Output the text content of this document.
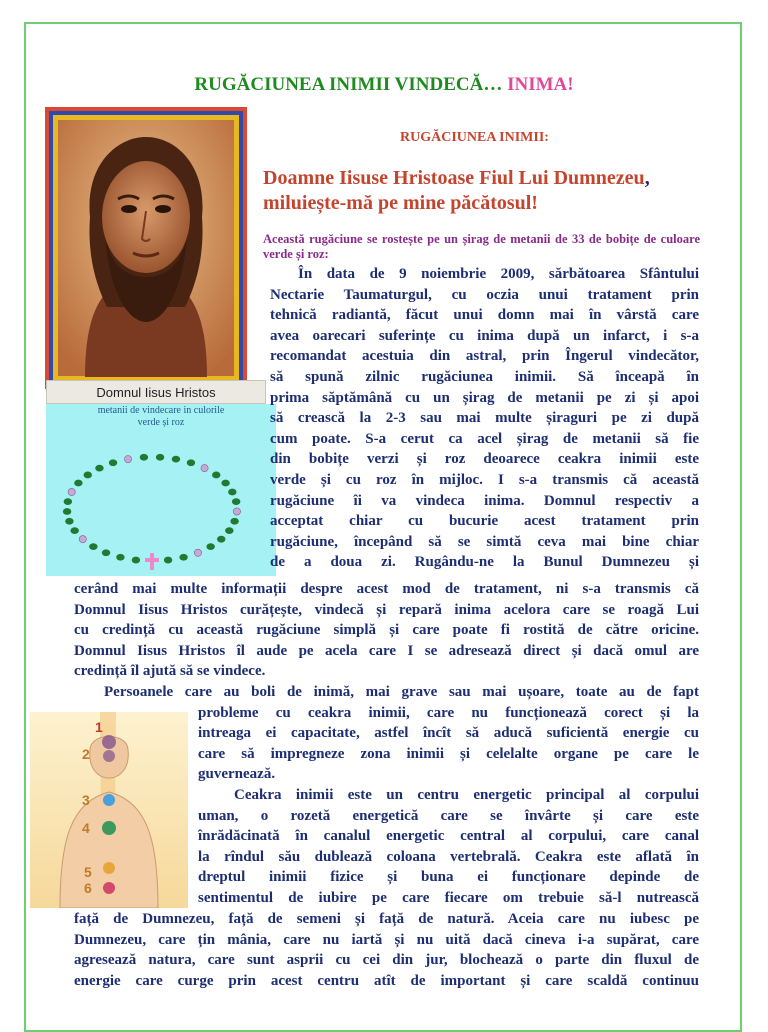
RUGĂCIUNEA INIMII VINDECĂ… INIMA!
Domnul Iisus Hristos
metanii de vindecare in culorile
verde și roz
RUGĂCIUNEA INIMII:
Doamne Iisuse Hristoase Fiul Lui Dumnezeu,
miluiește-mă pe mine păcătosul!
Această rugăciune se rostește pe un șirag de metanii de 33 de bobițe de culoare verde și roz:
În data de 9 noiembrie 2009, sărbătoarea Sfântului
Nectarie Taumaturgul, cu oczia unui tratament prin
tehnică radiantă, făcut unui domn mai în vârstă care
avea oarecari suferințe cu inima după un infarct, i s-a
recomandat acestuia din astral, prin Îngerul vindecător,
să spună zilnic rugăciunea inimii. Să înceapă în
prima săptămână cu un șirag de metanii pe zi și apoi
să crească la 2-3 sau mai multe șiraguri pe zi după
cum poate. S-a cerut ca acel șirag de metanii să fie
din bobițe verzi și roz deoarece ceakra inimii este
verde și cu roz în mijloc. I s-a transmis că această
rugăciune îi va vindeca inima. Domnul respectiv a
acceptat chiar cu bucurie acest tratament prin
rugăciune, începând să se simtă ceva mai bine chiar
de a doua zi. Rugându-ne la Bunul Dumnezeu și
cerând mai multe informații despre acest mod de tratament, ni s-a transmis că
Domnul Iisus Hristos curățește, vindecă și repară inima acelora care se roagă Lui
cu credință cu această rugăciune simplă și care poate fi rostită de către oricine.
Domnul Iisus Hristos îl aude pe acela care I se adresează direct și dacă omul are
credință îl ajută să se vindece.
probleme cu ceakra inimii, care nu funcționează corect și la
intreaga ei capacitate, astfel încît să aducă suficientă energie cu
care să impregneze zona inimii și celelalte organe pe care le
guvernează.
Ceakra inimii este un centru energetic principal al corpului
uman, o rozetă energetică care se învârte și care este
înrădăcinată în canalul energetic central al corpului, care canal
la rîndul său dublează coloana vertebrală. Ceakra este aflată în
dreptul inimii fizice și buna ei funcționare depinde de
sentimentul de iubire pe care fiecare om trebuie să-l nutrească
față de Dumnezeu, față de semeni și față de natură. Aceia care nu iubesc pe
Dumnezeu, care țin mânia, care nu iartă și nu uită dacă cineva i-a supărat, care
agresează natura, care sunt asprii cu cei din jur, blochează o parte din fluxul de
energie care curge prin acest centru atît de important și care scaldă continuu
1
2
3
4
5
6
Persoanele care au boli de inimă, mai grave sau mai ușoare, toate au de fapt
